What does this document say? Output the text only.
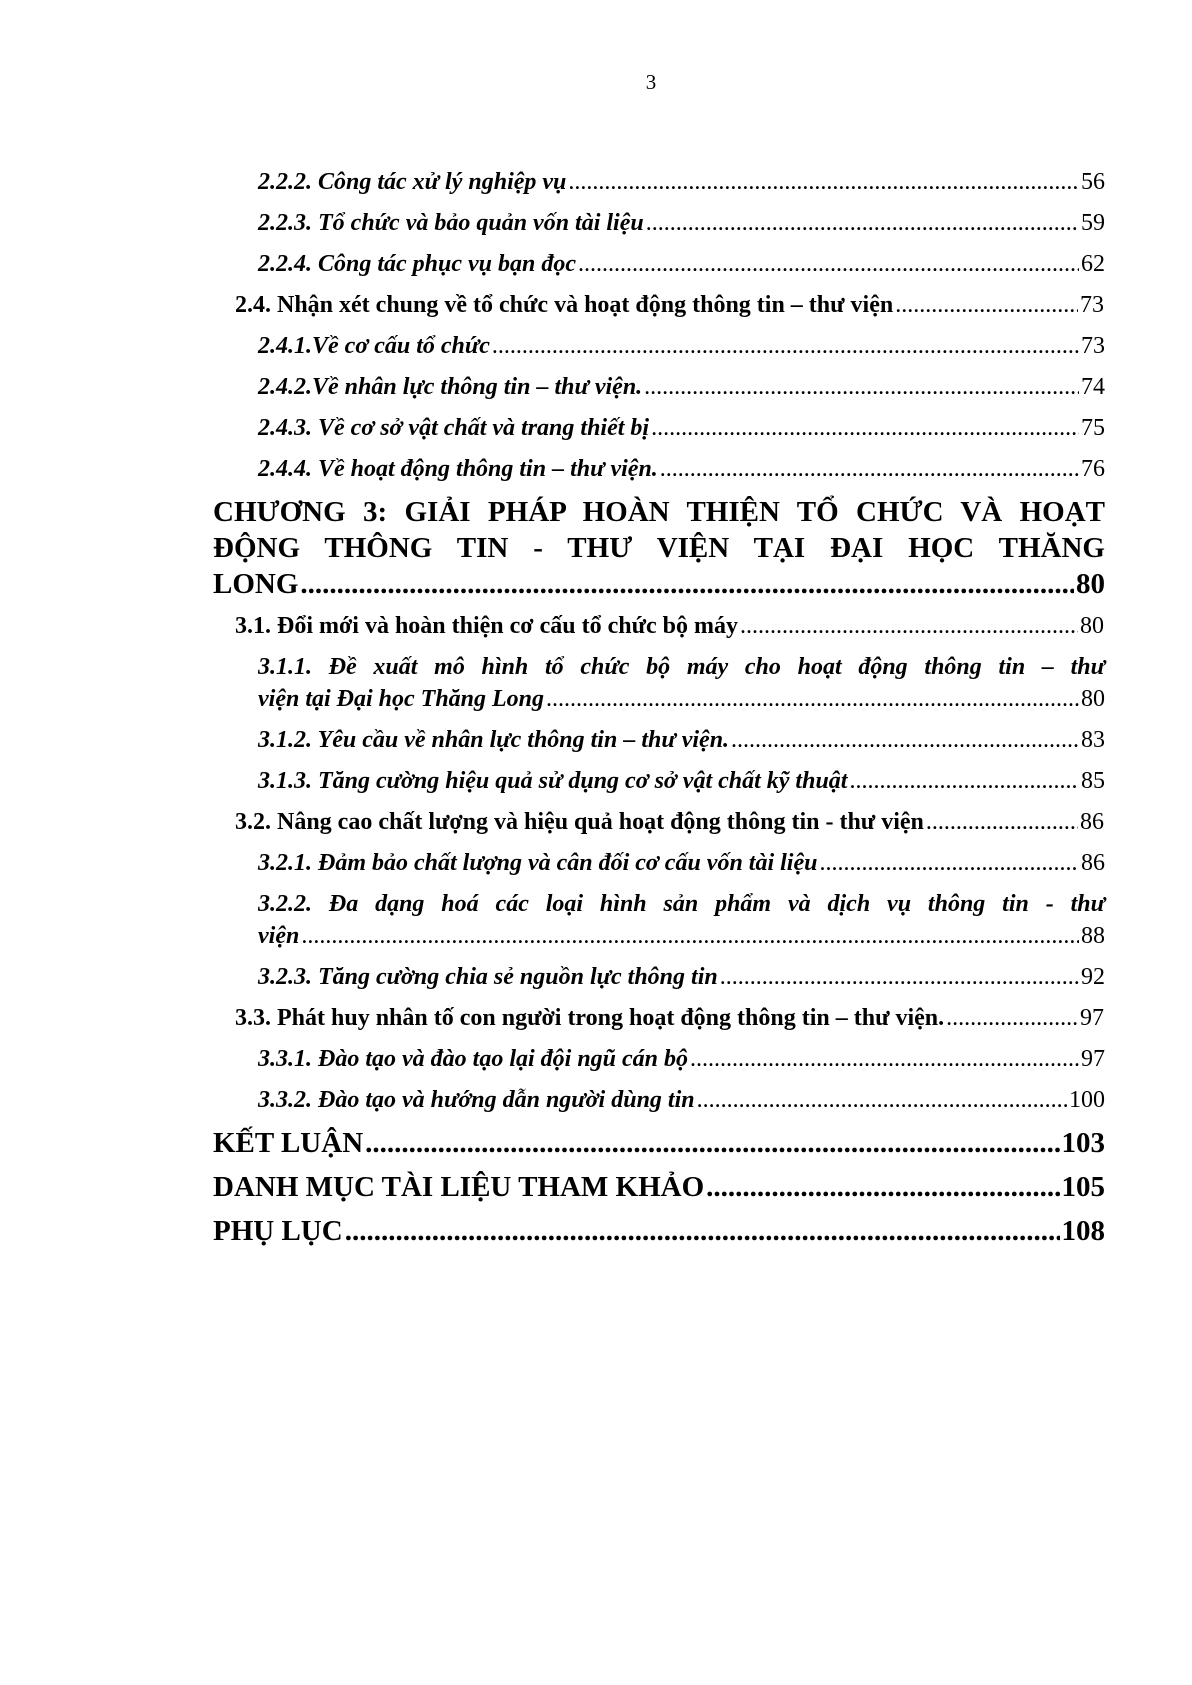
3
2.2.2. Công tác xử lý nghiệp vụ .....	56
2.2.3. Tổ chức và bảo quản vốn tài liệu .....	59
2.2.4. Công tác phục vụ bạn đọc .....	62
2.4. Nhận xét chung về tổ chức và hoạt động thông tin – thư viện .....	73
2.4.1.Về cơ cấu tổ chức .....	73
2.4.2.Về nhân lực thông tin – thư viện. .....	74
2.4.3. Về cơ sở vật chất và trang thiết bị .....	75
2.4.4. Về hoạt động thông tin – thư viện. .....	76
CHƯƠNG 3: GIẢI PHÁP HOÀN THIỆN TỔ CHỨC VÀ HOẠT
ĐỘNG THÔNG TIN - THƯ VIỆN TẠI ĐẠI HỌC THĂNG
LONG .....	80
3.1. Đổi mới và hoàn thiện cơ cấu tổ chức bộ máy .....	80
3.1.1. Đề xuất mô hình tổ chức bộ máy cho hoạt động thông tin – thư
viện tại Đại học Thăng Long .....	80
3.1.2. Yêu cầu về nhân lực thông tin – thư viện. .....	83
3.1.3. Tăng cường hiệu quả sử dụng cơ sở vật chất kỹ thuật .....	85
3.2. Nâng cao chất lượng và hiệu quả hoạt động thông tin - thư viện .....	86
3.2.1. Đảm bảo chất lượng và cân đối cơ cấu vốn tài liệu .....	86
3.2.2. Đa dạng hoá các loại hình sản phẩm và dịch vụ thông tin - thư
viện .....	88
3.2.3. Tăng cường chia sẻ nguồn lực thông tin .....	92
3.3. Phát huy nhân tố con người trong hoạt động thông tin – thư viện. .....	97
3.3.1. Đào tạo và đào tạo lại đội ngũ cán bộ .....	97
3.3.2. Đào tạo và hướng dẫn người dùng tin .....	100
KẾT LUẬN .....	103
DANH MỤC TÀI LIỆU THAM KHẢO .....	105
PHỤ LỤC .....	108
